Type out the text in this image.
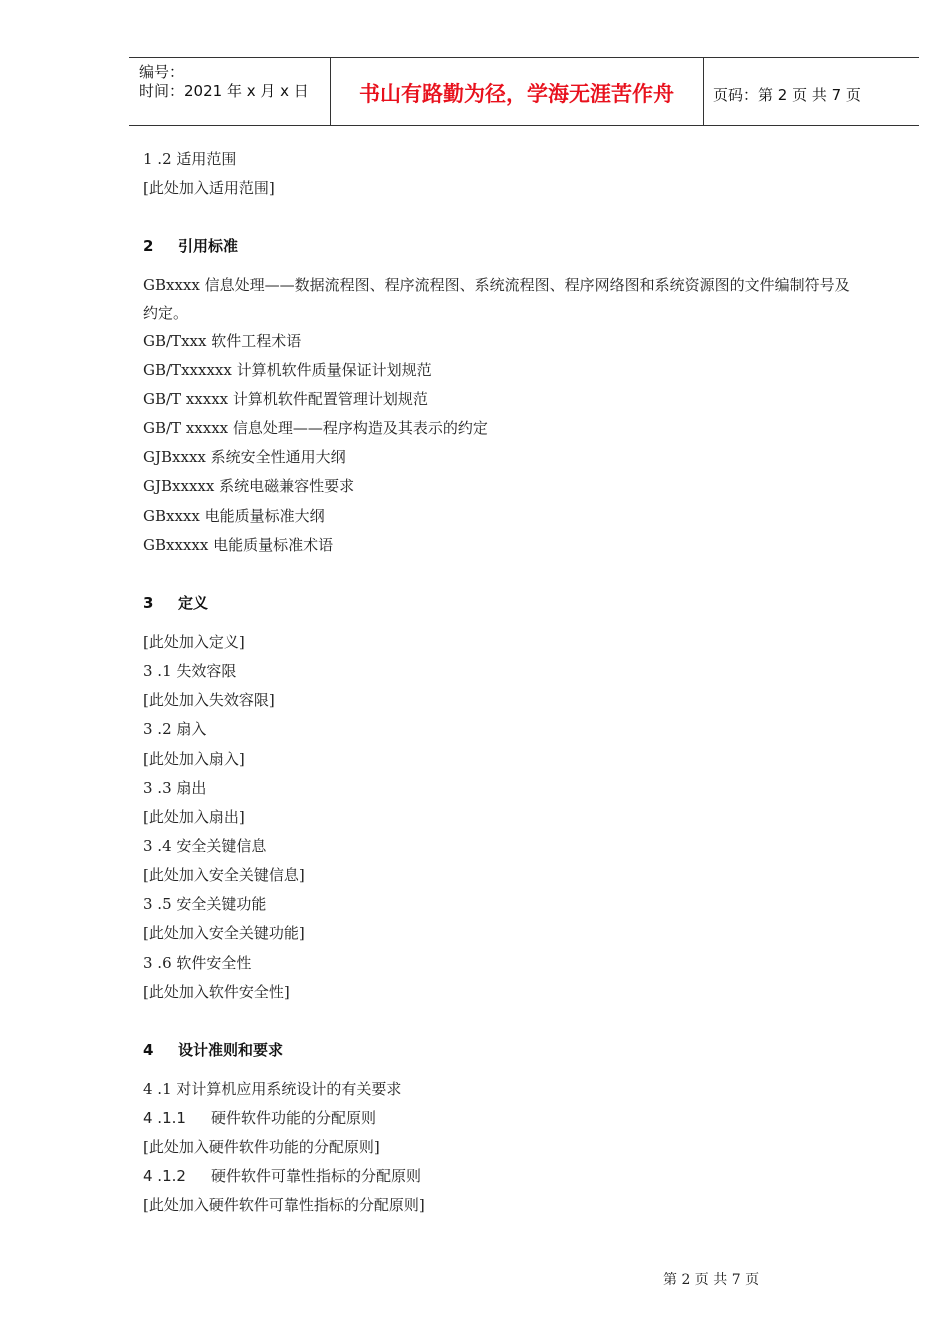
编号：
时间：2021 年 x 月 x 日	书山有路勤为径，学海无涯苦作舟	页码：第 2 页 共 7 页
1 .2 适用范围
[此处加入适用范围]
2 引用标准
GBxxxx 信息处理——数据流程图、程序流程图、系统流程图、程序网络图和系统资源图的文件编制符号及
约定。
GB/Txxx 软件工程术语
GB/Txxxxxx 计算机软件质量保证计划规范
GB/T xxxxx 计算机软件配置管理计划规范
GB/T xxxxx 信息处理——程序构造及其表示的约定
GJBxxxx 系统安全性通用大纲
GJBxxxxx 系统电磁兼容性要求
GBxxxx 电能质量标准大纲
GBxxxxx 电能质量标准术语
3 定义
[此处加入定义]
3 .1 失效容限
[此处加入失效容限]
3 .2 扇入
[此处加入扇入]
3 .3 扇出
[此处加入扇出]
3 .4 安全关键信息
[此处加入安全关键信息]
3 .5 安全关键功能
[此处加入安全关键功能]
3 .6 软件安全性
[此处加入软件安全性]
4 设计准则和要求
4 .1 对计算机应用系统设计的有关要求
4 .1.1 硬件软件功能的分配原则
[此处加入硬件软件功能的分配原则]
4 .1.2 硬件软件可靠性指标的分配原则
[此处加入硬件软件可靠性指标的分配原则]
第 2 页 共 7 页
